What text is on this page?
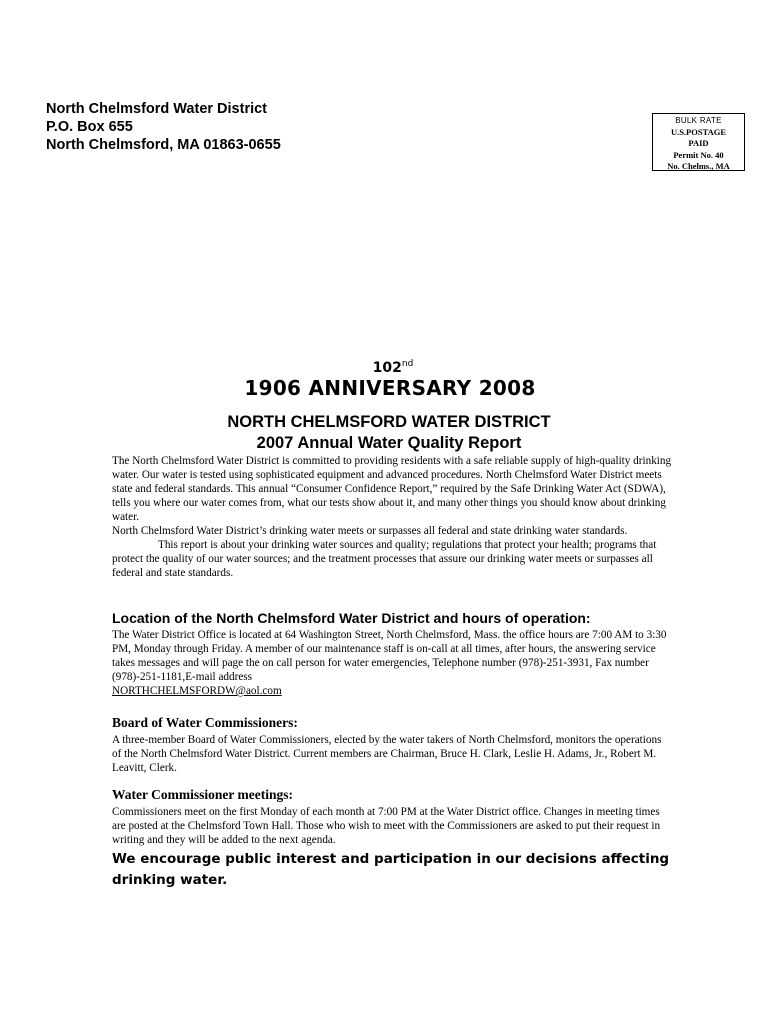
North Chelmsford Water District
P.O. Box 655
North Chelmsford, MA 01863-0655
BULK RATE
U.S.POSTAGE
PAID
Permit No. 40
No. Chelms., MA
102nd
1906 ANNIVERSARY 2008
NORTH CHELMSFORD WATER DISTRICT
2007 Annual Water Quality Report

The North Chelmsford Water District is committed to providing residents with a safe reliable supply of high-quality drinking water. Our water is tested using sophisticated equipment and advanced procedures. North Chelmsford Water District meets state and federal standards. This annual “Consumer Confidence Report,” required by the Safe Drinking Water Act (SDWA), tells you where our water comes from, what our tests show about it, and many other things you should know about drinking water.

North Chelmsford Water District’s drinking water meets or surpasses all federal and state drinking water standards.

This report is about your drinking water sources and quality; regulations that protect your health; programs that protect the quality of our water sources; and the treatment processes that assure our drinking water meets or surpasses all federal and state standards.

Location of the North Chelmsford Water District and hours of operation:

The Water District Office is located at 64 Washington Street, North Chelmsford, Mass. the office hours are 7:00 AM to 3:30 PM, Monday through Friday. A member of our maintenance staff is on-call at all times, after hours, the answering service takes messages and will page the on call person for water emergencies, Telephone number (978)-251-3931, Fax number (978)-251-1181,E-mail address

NORTHCHELMSFORDW@aol.com

Board of Water Commissioners:

A three-member Board of Water Commissioners, elected by the water takers of North Chelmsford, monitors the operations of the North Chelmsford Water District. Current members are Chairman, Bruce H. Clark, Leslie H. Adams, Jr., Robert M. Leavitt, Clerk.

Water Commissioner meetings:

Commissioners meet on the first Monday of each month at 7:00 PM at the Water District office. Changes in meeting times are posted at the Chelmsford Town Hall. Those who wish to meet with the Commissioners are asked to put their request in writing and they will be added to the next agenda.

We encourage public interest and participation in our decisions affecting drinking water.
